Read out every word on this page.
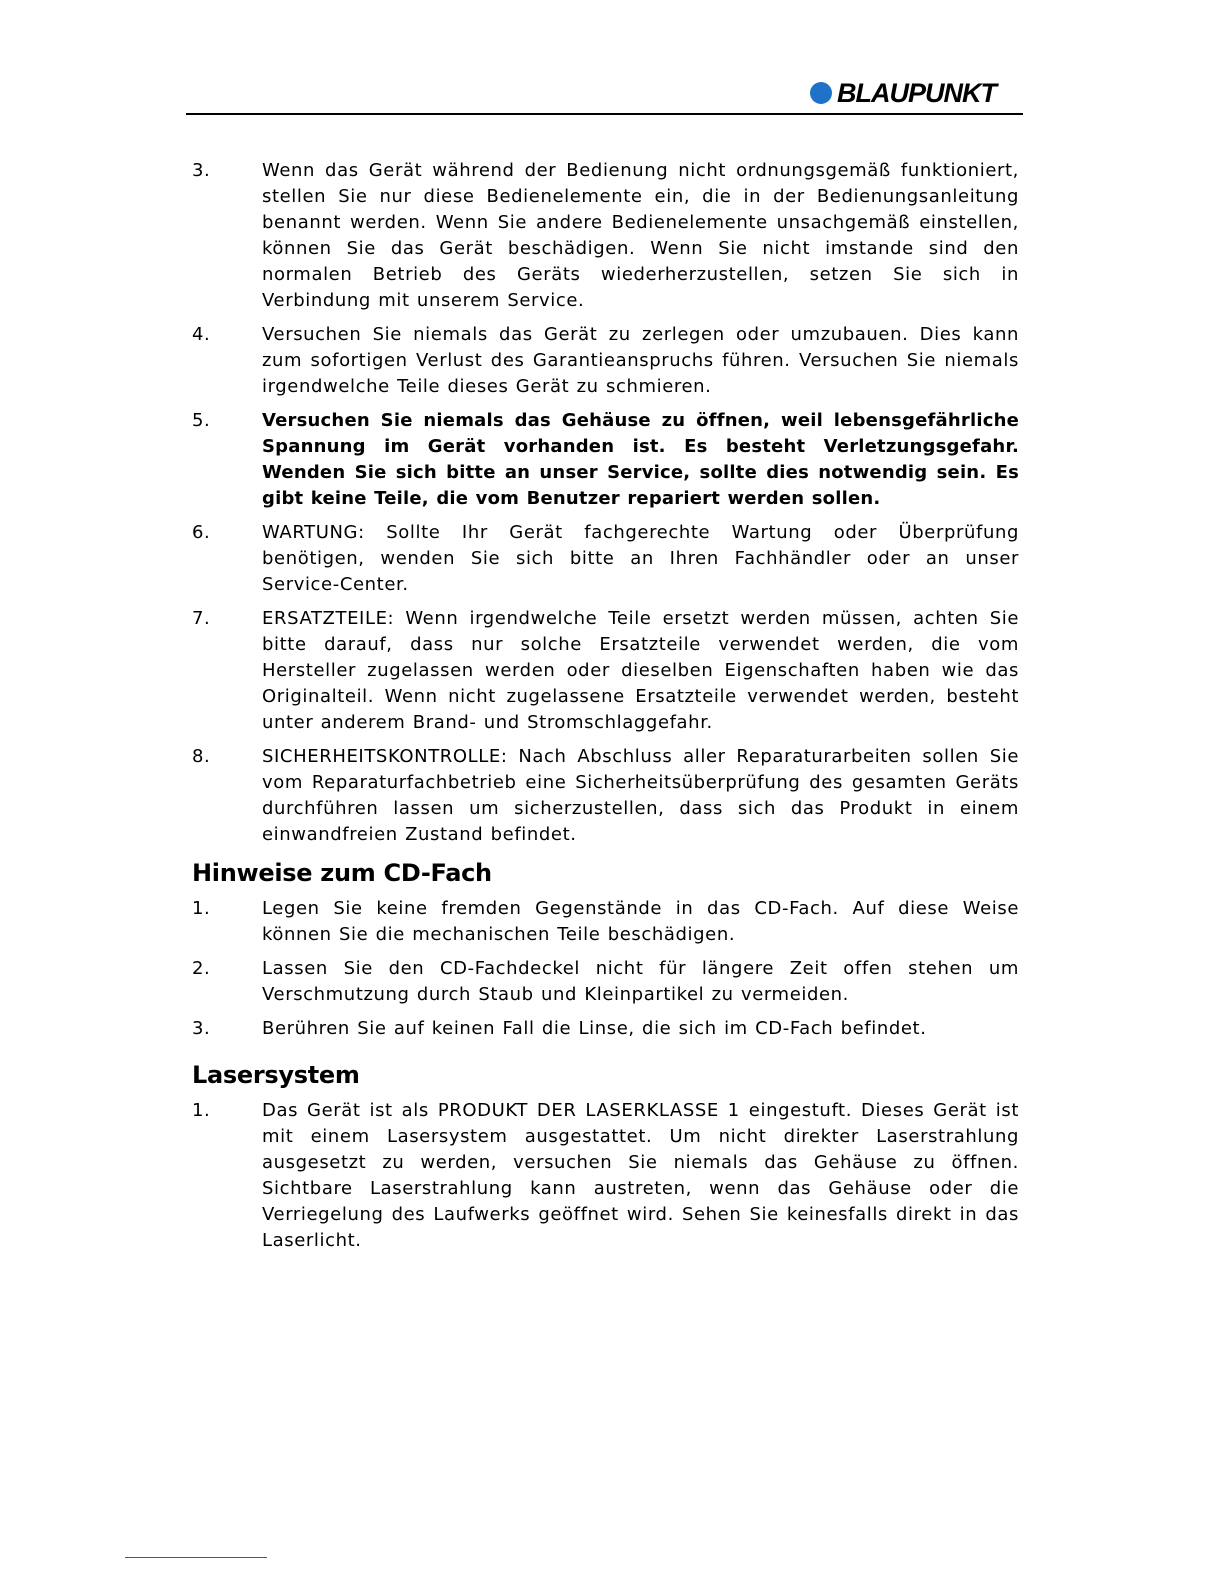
BLAUPUNKT
3.	Wenn das Gerät während der Bedienung nicht ordnungsgemäß funktioniert, stellen Sie nur diese Bedienelemente ein, die in der Bedienungsanleitung benannt werden. Wenn Sie andere Bedienelemente unsachgemäß einstellen, können Sie das Gerät beschädigen. Wenn Sie nicht imstande sind den normalen Betrieb des Geräts wiederherzustellen, setzen Sie sich in Verbindung mit unserem Service.
4.	Versuchen Sie niemals das Gerät zu zerlegen oder umzubauen. Dies kann zum sofortigen Verlust des Garantieanspruchs führen. Versuchen Sie niemals irgendwelche Teile dieses Gerät zu schmieren.
5.	Versuchen Sie niemals das Gehäuse zu öffnen, weil lebensgefährliche Spannung im Gerät vorhanden ist. Es besteht Verletzungsgefahr. Wenden Sie sich bitte an unser Service, sollte dies notwendig sein. Es gibt keine Teile, die vom Benutzer repariert werden sollen.
6.	WARTUNG: Sollte Ihr Gerät fachgerechte Wartung oder Überprüfung benötigen, wenden Sie sich bitte an Ihren Fachhändler oder an unser Service-Center.
7.	ERSATZTEILE: Wenn irgendwelche Teile ersetzt werden müssen, achten Sie bitte darauf, dass nur solche Ersatzteile verwendet werden, die vom Hersteller zugelassen werden oder dieselben Eigenschaften haben wie das Originalteil. Wenn nicht zugelassene Ersatzteile verwendet werden, besteht unter anderem Brand- und Stromschlaggefahr.
8.	SICHERHEITSKONTROLLE: Nach Abschluss aller Reparaturarbeiten sollen Sie vom Reparaturfachbetrieb eine Sicherheitsüberprüfung des gesamten Geräts durchführen lassen um sicherzustellen, dass sich das Produkt in einem einwandfreien Zustand befindet.
Hinweise zum CD-Fach
1.	Legen Sie keine fremden Gegenstände in das CD-Fach. Auf diese Weise können Sie die mechanischen Teile beschädigen.
2.	Lassen Sie den CD-Fachdeckel nicht für längere Zeit offen stehen um Verschmutzung durch Staub und Kleinpartikel zu vermeiden.
3.	Berühren Sie auf keinen Fall die Linse, die sich im CD-Fach befindet.
Lasersystem
1.	Das Gerät ist als PRODUKT DER LASERKLASSE 1 eingestuft. Dieses Gerät ist mit einem Lasersystem ausgestattet. Um nicht direkter Laserstrahlung ausgesetzt zu werden, versuchen Sie niemals das Gehäuse zu öffnen. Sichtbare Laserstrahlung kann austreten, wenn das Gehäuse oder die Verriegelung des Laufwerks geöffnet wird. Sehen Sie keinesfalls direkt in das Laserlicht.
